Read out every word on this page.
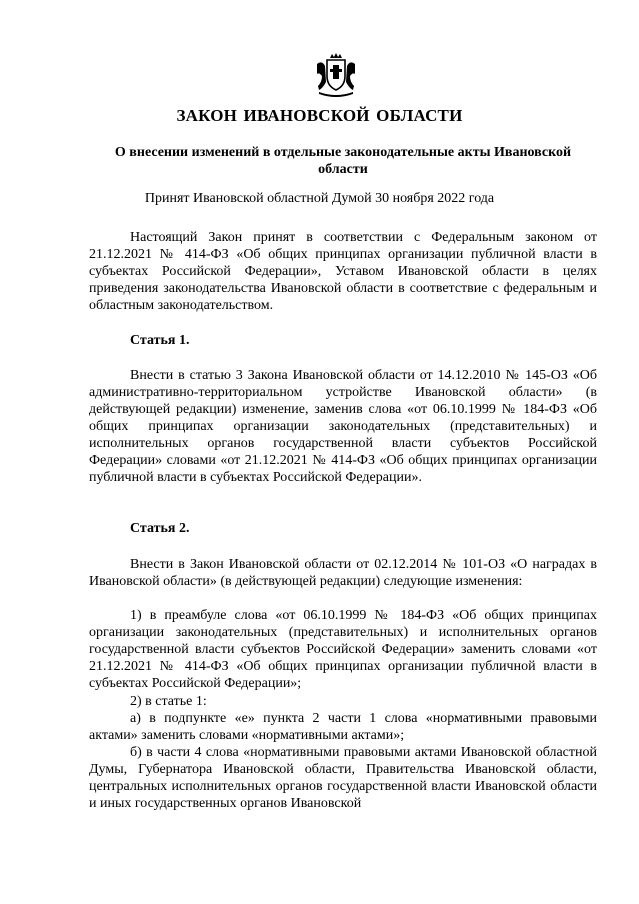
ЗАКОН ИВАНОВСКОЙ ОБЛАСТИ
О внесении изменений в отдельные законодательные акты Ивановской области
Принят Ивановской областной Думой 30 ноября 2022 года
Настоящий Закон принят в соответствии с Федеральным законом от 21.12.2021 № 414-ФЗ «Об общих принципах организации публичной власти в субъектах Российской Федерации», Уставом Ивановской области в целях приведения законодательства Ивановской области в соответствие с федеральным и областным законодательством.
Статья 1.
Внести в статью 3 Закона Ивановской области от 14.12.2010 № 145-ОЗ «Об административно-территориальном устройстве Ивановской области» (в действующей редакции) изменение, заменив слова «от 06.10.1999 № 184-ФЗ «Об общих принципах организации законодательных (представительных) и исполнительных органов государственной власти субъектов Российской Федерации» словами «от 21.12.2021 № 414-ФЗ «Об общих принципах организации публичной власти в субъектах Российской Федерации».
Статья 2.
Внести в Закон Ивановской области от 02.12.2014 № 101-ОЗ «О наградах в Ивановской области» (в действующей редакции) следующие изменения:
1) в преамбуле слова «от 06.10.1999 № 184-ФЗ «Об общих принципах организации законодательных (представительных) и исполнительных органов государственной власти субъектов Российской Федерации» заменить словами «от 21.12.2021 № 414-ФЗ «Об общих принципах организации публичной власти в субъектах Российской Федерации»;
2) в статье 1:
а) в подпункте «е» пункта 2 части 1 слова «нормативными правовыми актами» заменить словами «нормативными актами»;
б) в части 4 слова «нормативными правовыми актами Ивановской областной Думы, Губернатора Ивановской области, Правительства Ивановской области, центральных исполнительных органов государственной власти Ивановской области и иных государственных органов Ивановской
